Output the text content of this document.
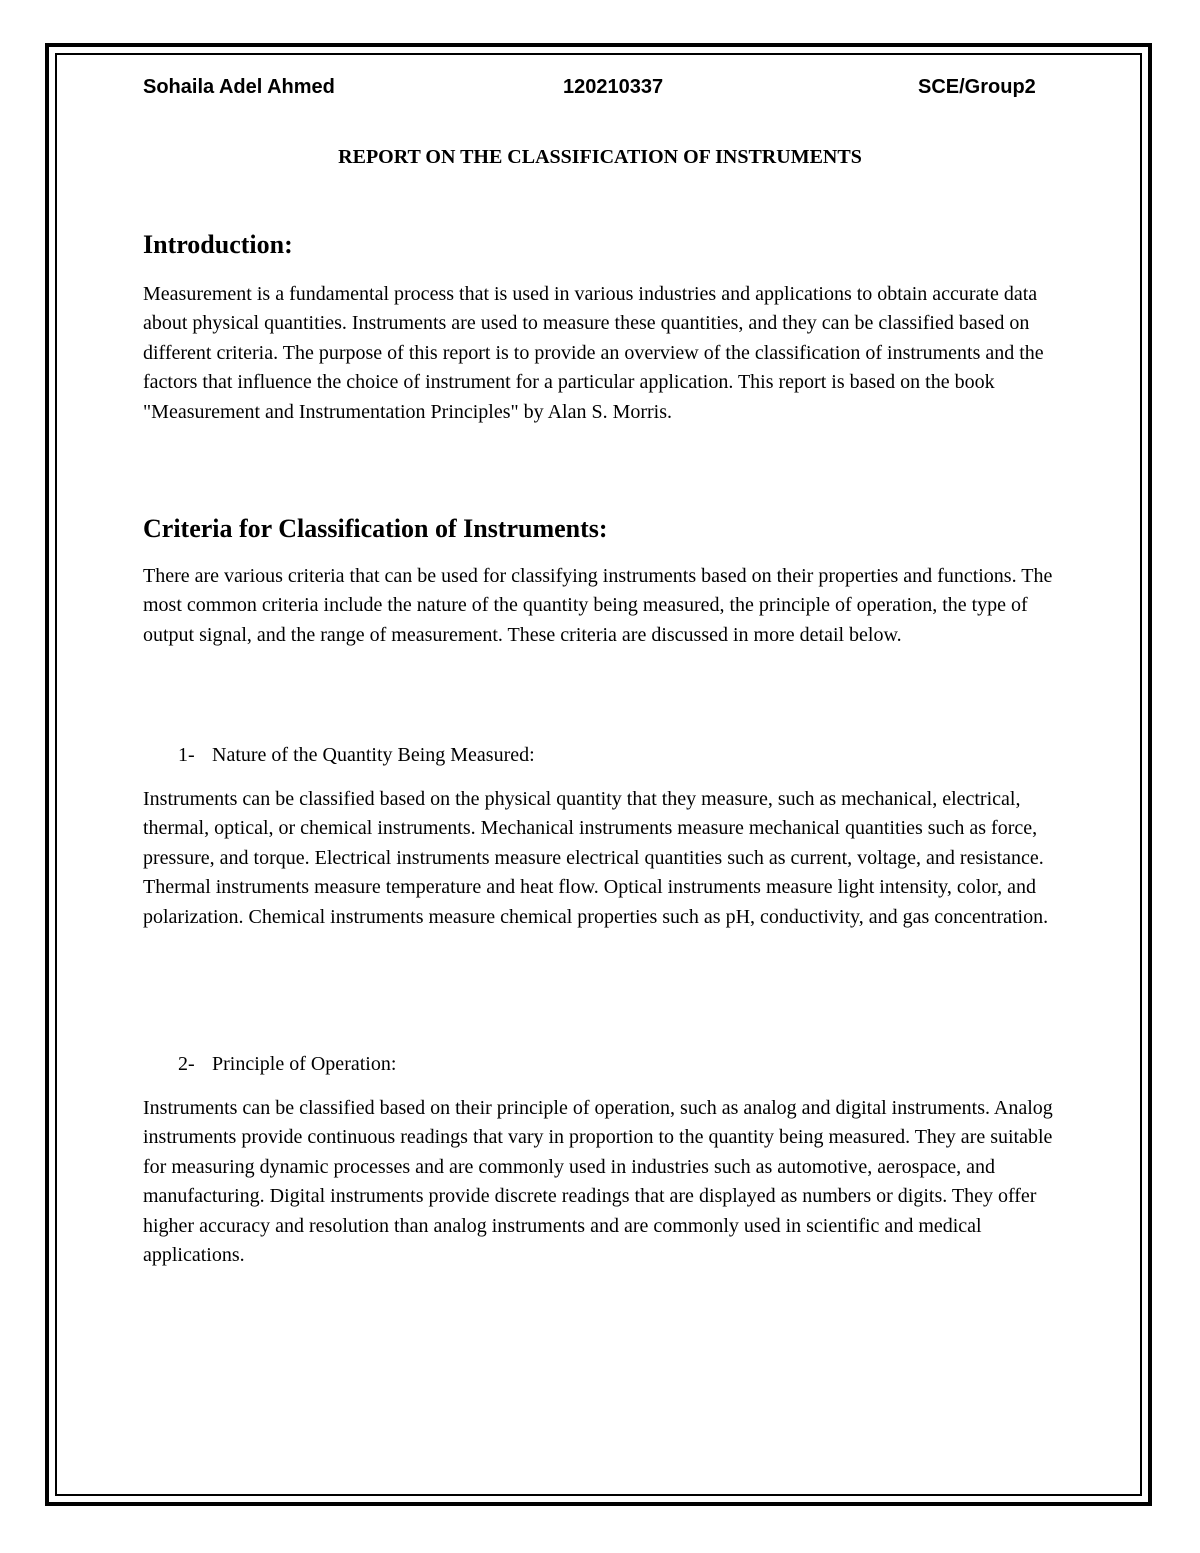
Sohaila Adel Ahmed	120210337	SCE/Group2
REPORT ON THE CLASSIFICATION OF INSTRUMENTS
Introduction:

Measurement is a fundamental process that is used in various industries and applications to obtain accurate data about physical quantities. Instruments are used to measure these quantities, and they can be classified based on different criteria. The purpose of this report is to provide an overview of the classification of instruments and the factors that influence the choice of instrument for a particular application. This report is based on the book "Measurement and Instrumentation Principles" by Alan S. Morris.

Criteria for Classification of Instruments:

There are various criteria that can be used for classifying instruments based on their properties and functions. The most common criteria include the nature of the quantity being measured, the principle of operation, the type of output signal, and the range of measurement. These criteria are discussed in more detail below.

1- Nature of the Quantity Being Measured:

Instruments can be classified based on the physical quantity that they measure, such as mechanical, electrical, thermal, optical, or chemical instruments. Mechanical instruments measure mechanical quantities such as force, pressure, and torque. Electrical instruments measure electrical quantities such as current, voltage, and resistance. Thermal instruments measure temperature and heat flow. Optical instruments measure light intensity, color, and polarization. Chemical instruments measure chemical properties such as pH, conductivity, and gas concentration.

2- Principle of Operation:

Instruments can be classified based on their principle of operation, such as analog and digital instruments. Analog instruments provide continuous readings that vary in proportion to the quantity being measured. They are suitable for measuring dynamic processes and are commonly used in industries such as automotive, aerospace, and manufacturing. Digital instruments provide discrete readings that are displayed as numbers or digits. They offer higher accuracy and resolution than analog instruments and are commonly used in scientific and medical applications.
